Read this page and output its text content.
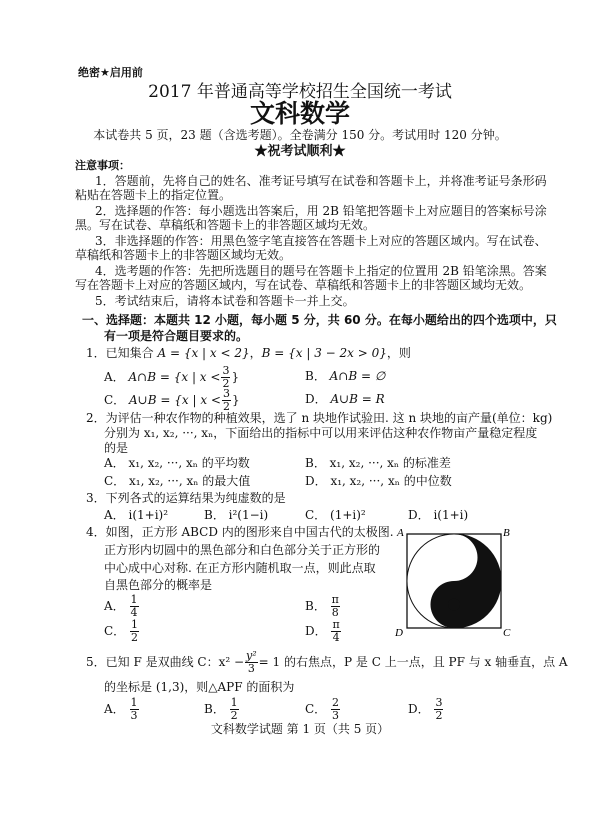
绝密★启用前
2017 年普通高等学校招生全国统一考试
文科数学
本试卷共 5 页，23 题（含选考题）。全卷满分 150 分。考试用时 120 分钟。
★祝考试顺利★
注意事项：
1．答题前，先将自己的姓名、准考证号填写在试卷和答题卡上，并将准考证号条形码
粘贴在答题卡上的指定位置。
2．选择题的作答：每小题选出答案后，用 2B 铅笔把答题卡上对应题目的答案标号涂
黑。写在试卷、草稿纸和答题卡上的非答题区域均无效。
3．非选择题的作答：用黑色签字笔直接答在答题卡上对应的答题区域内。写在试卷、
草稿纸和答题卡上的非答题区域均无效。
4．选考题的作答：先把所选题目的题号在答题卡上指定的位置用 2B 铅笔涂黑。答案
写在答题卡上对应的答题区域内，写在试卷、草稿纸和答题卡上的非答题区域均无效。
5．考试结束后，请将本试卷和答题卡一并上交。
一、选择题：本题共 12 小题，每小题 5 分，共 60 分。在每小题给出的四个选项中，只
有一项是符合题目要求的。
1．已知集合 A = {x | x < 2}，B = {x | 3 − 2x > 0}，则
A． A∩B = {x | $x < \frac{3}{2}$ }	B． A∩B = ∅
C． A∪B = {x | $x < \frac{3}{2}$ }	D． A∪B = R
2．为评估一种农作物的种植效果，选了 n 块地作试验田. 这 n 块地的亩产量(单位：kg)
分别为 x₁, x₂, ···, xₙ，下面给出的指标中可以用来评估这种农作物亩产量稳定程度
的是
A． x₁, x₂, ···, xₙ 的平均数	B． x₁, x₂, ···, xₙ 的标准差
C． x₁, x₂, ···, xₙ 的最大值	D． x₁, x₂, ···, xₙ 的中位数
3．下列各式的运算结果为纯虚数的是
A． i(1+i)²	B． i²(1−i)	C． (1+i)²	D． i(1+i)
4．如图，正方形 ABCD 内的图形来自中国古代的太极图.
正方形内切圆中的黑色部分和白色部分关于正方形的
中心成中心对称. 在正方形内随机取一点，则此点取
自黑色部分的概率是
A． $\frac{1}{4}$	B． $\frac{\pi}{8}$
C． $\frac{1}{2}$	D． $\frac{\pi}{4}$
A	B
C
D
5．已知 F 是双曲线 C：$x^2 - \frac{\text{y²}}{3} = 1$ 的右焦点，P 是 C 上一点，且 PF 与 x 轴垂直，点 A
的坐标是 (1,3)，则△APF 的面积为
A． $\frac{1}{3}$	B． $\frac{1}{2}$	C． $\frac{2}{3}$	D． $\frac{3}{2}$
文科数学试题 第 1 页（共 5 页）
